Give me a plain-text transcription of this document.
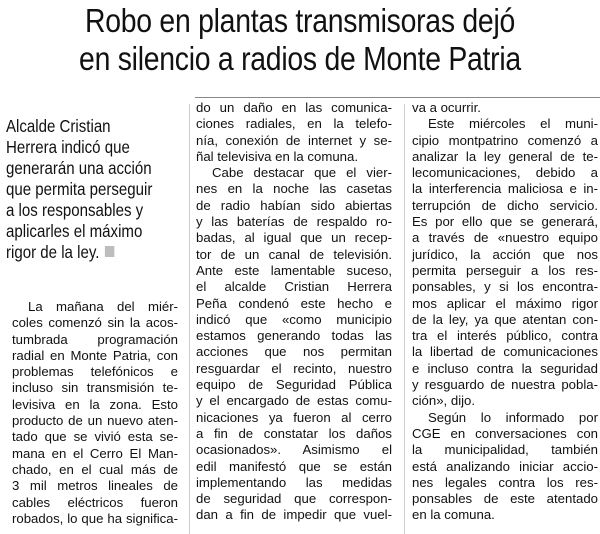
Robo en plantas transmisoras dejó
en silencio a radios de Monte Patria
Alcalde Cristian
Herrera indicó que
generarán una acción
que permita perseguir
a los responsables y
aplicarles el máximo
rigor de la ley.
La mañana del miér-
coles comenzó sin la acos-
tumbrada programación
radial en Monte Patria, con
problemas telefónicos e
incluso sin transmisión te-
levisiva en la zona. Esto
producto de un nuevo aten-
tado que se vivió esta se-
mana en el Cerro El Man-
chado, en el cual más de
3 mil metros lineales de
cables eléctricos fueron
robados, lo que ha significa-
do un daño en las comunica-
ciones radiales, en la telefo-
nía, conexión de internet y se-
ñal televisiva en la comuna.
Cabe destacar que el vier-
nes en la noche las casetas
de radio habían sido abiertas
y las baterías de respaldo ro-
badas, al igual que un recep-
tor de un canal de televisión.
Ante este lamentable suceso,
el alcalde Cristian Herrera
Peña condenó este hecho e
indicó que «como municipio
estamos generando todas las
acciones que nos permitan
resguardar el recinto, nuestro
equipo de Seguridad Pública
y el encargado de estas comu-
nicaciones ya fueron al cerro
a fin de constatar los daños
ocasionados». Asimismo el
edil manifestó que se están
implementando las medidas
de seguridad que correspon-
dan a fin de impedir que vuel-
va a ocurrir.
Este miércoles el muni-
cipio montpatrino comenzó a
analizar la ley general de te-
lecomunicaciones, debido a
la interferencia maliciosa e in-
terrupción de dicho servicio.
Es por ello que se generará,
a través de «nuestro equipo
jurídico, la acción que nos
permita perseguir a los res-
ponsables, y si los encontra-
mos aplicar el máximo rigor
de la ley, ya que atentan con-
tra el interés público, contra
la libertad de comunicaciones
e incluso contra la seguridad
y resguardo de nuestra pobla-
ción», dijo.
Según lo informado por
CGE en conversaciones con
la municipalidad, también
está analizando iniciar accio-
nes legales contra los res-
ponsables de este atentado
en la comuna.
